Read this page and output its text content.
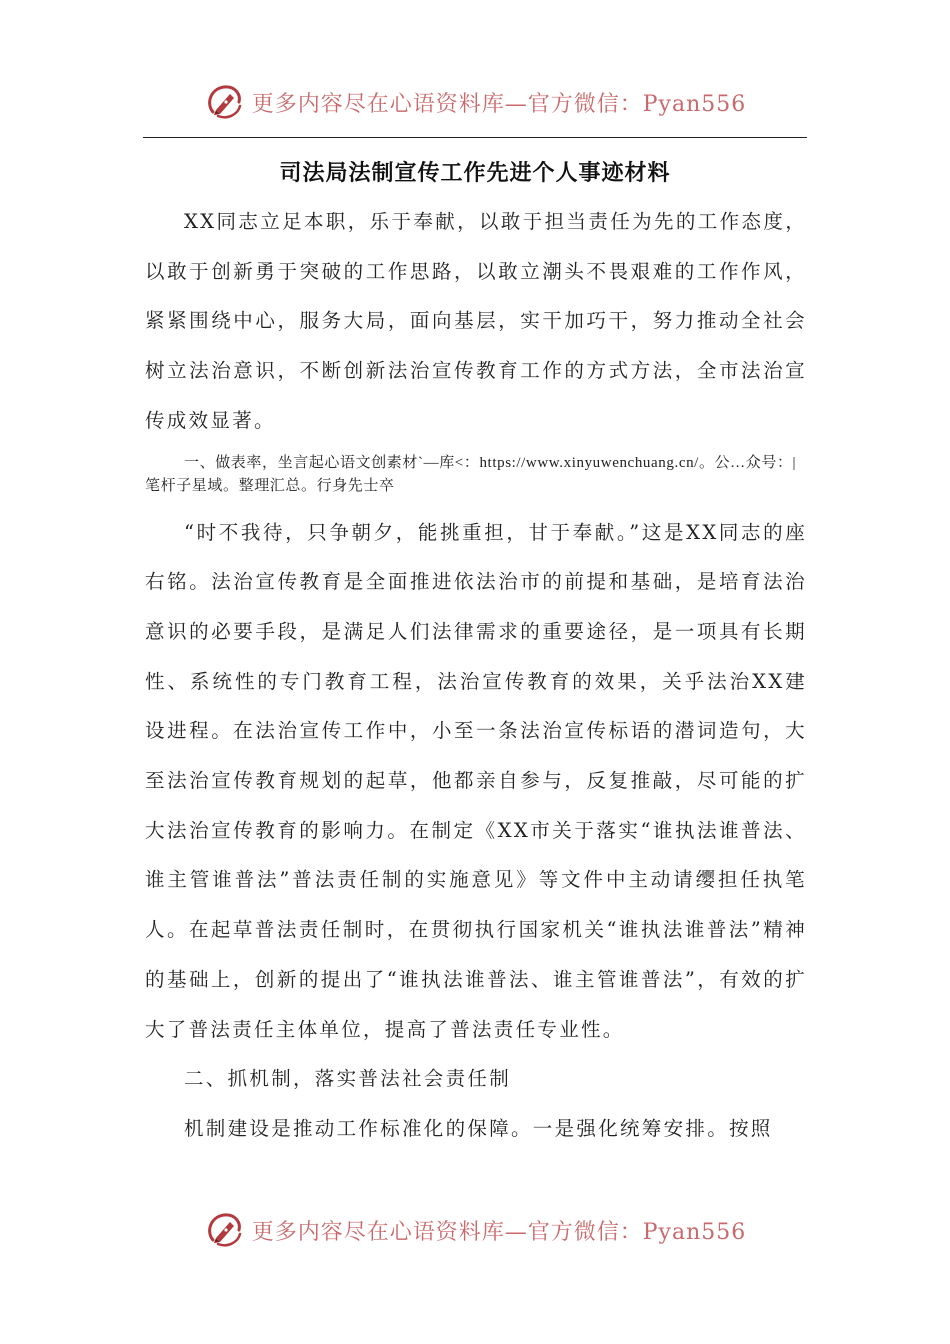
更多内容尽在心语资料库—官方微信：Pyan556
司法局法制宣传工作先进个人事迹材料

XX同志立足本职，乐于奉献，以敢于担当责任为先的工作态度，以敢于创新勇于突破的工作思路，以敢立潮头不畏艰难的工作作风，紧紧围绕中心，服务大局，面向基层，实干加巧干，努力推动全社会树立法治意识，不断创新法治宣传教育工作的方式方法，全市法治宣传成效显著。

一、做表率，坐言起心语文创素材`—库<：https://www.xinyuwenchuang.cn/。公…众号：|笔杆子星域。整理汇总。行身先士卒

“时不我待，只争朝夕，能挑重担，甘于奉献。”这是XX同志的座右铭。法治宣传教育是全面推进依法治市的前提和基础，是培育法治意识的必要手段，是满足人们法律需求的重要途径，是一项具有长期性、系统性的专门教育工程，法治宣传教育的效果，关乎法治XX建设进程。在法治宣传工作中，小至一条法治宣传标语的潜词造句，大至法治宣传教育规划的起草，他都亲自参与，反复推敲，尽可能的扩大法治宣传教育的影响力。在制定《XX市关于落实“谁执法谁普法、谁主管谁普法”普法责任制的实施意见》等文件中主动请缨担任执笔人。在起草普法责任制时，在贯彻执行国家机关“谁执法谁普法”精神的基础上，创新的提出了“谁执法谁普法、谁主管谁普法”，有效的扩大了普法责任主体单位，提高了普法责任专业性。

二、抓机制，落实普法社会责任制

机制建设是推动工作标准化的保障。一是强化统筹安排。按照

更多内容尽在心语资料库—官方微信：Pyan556
